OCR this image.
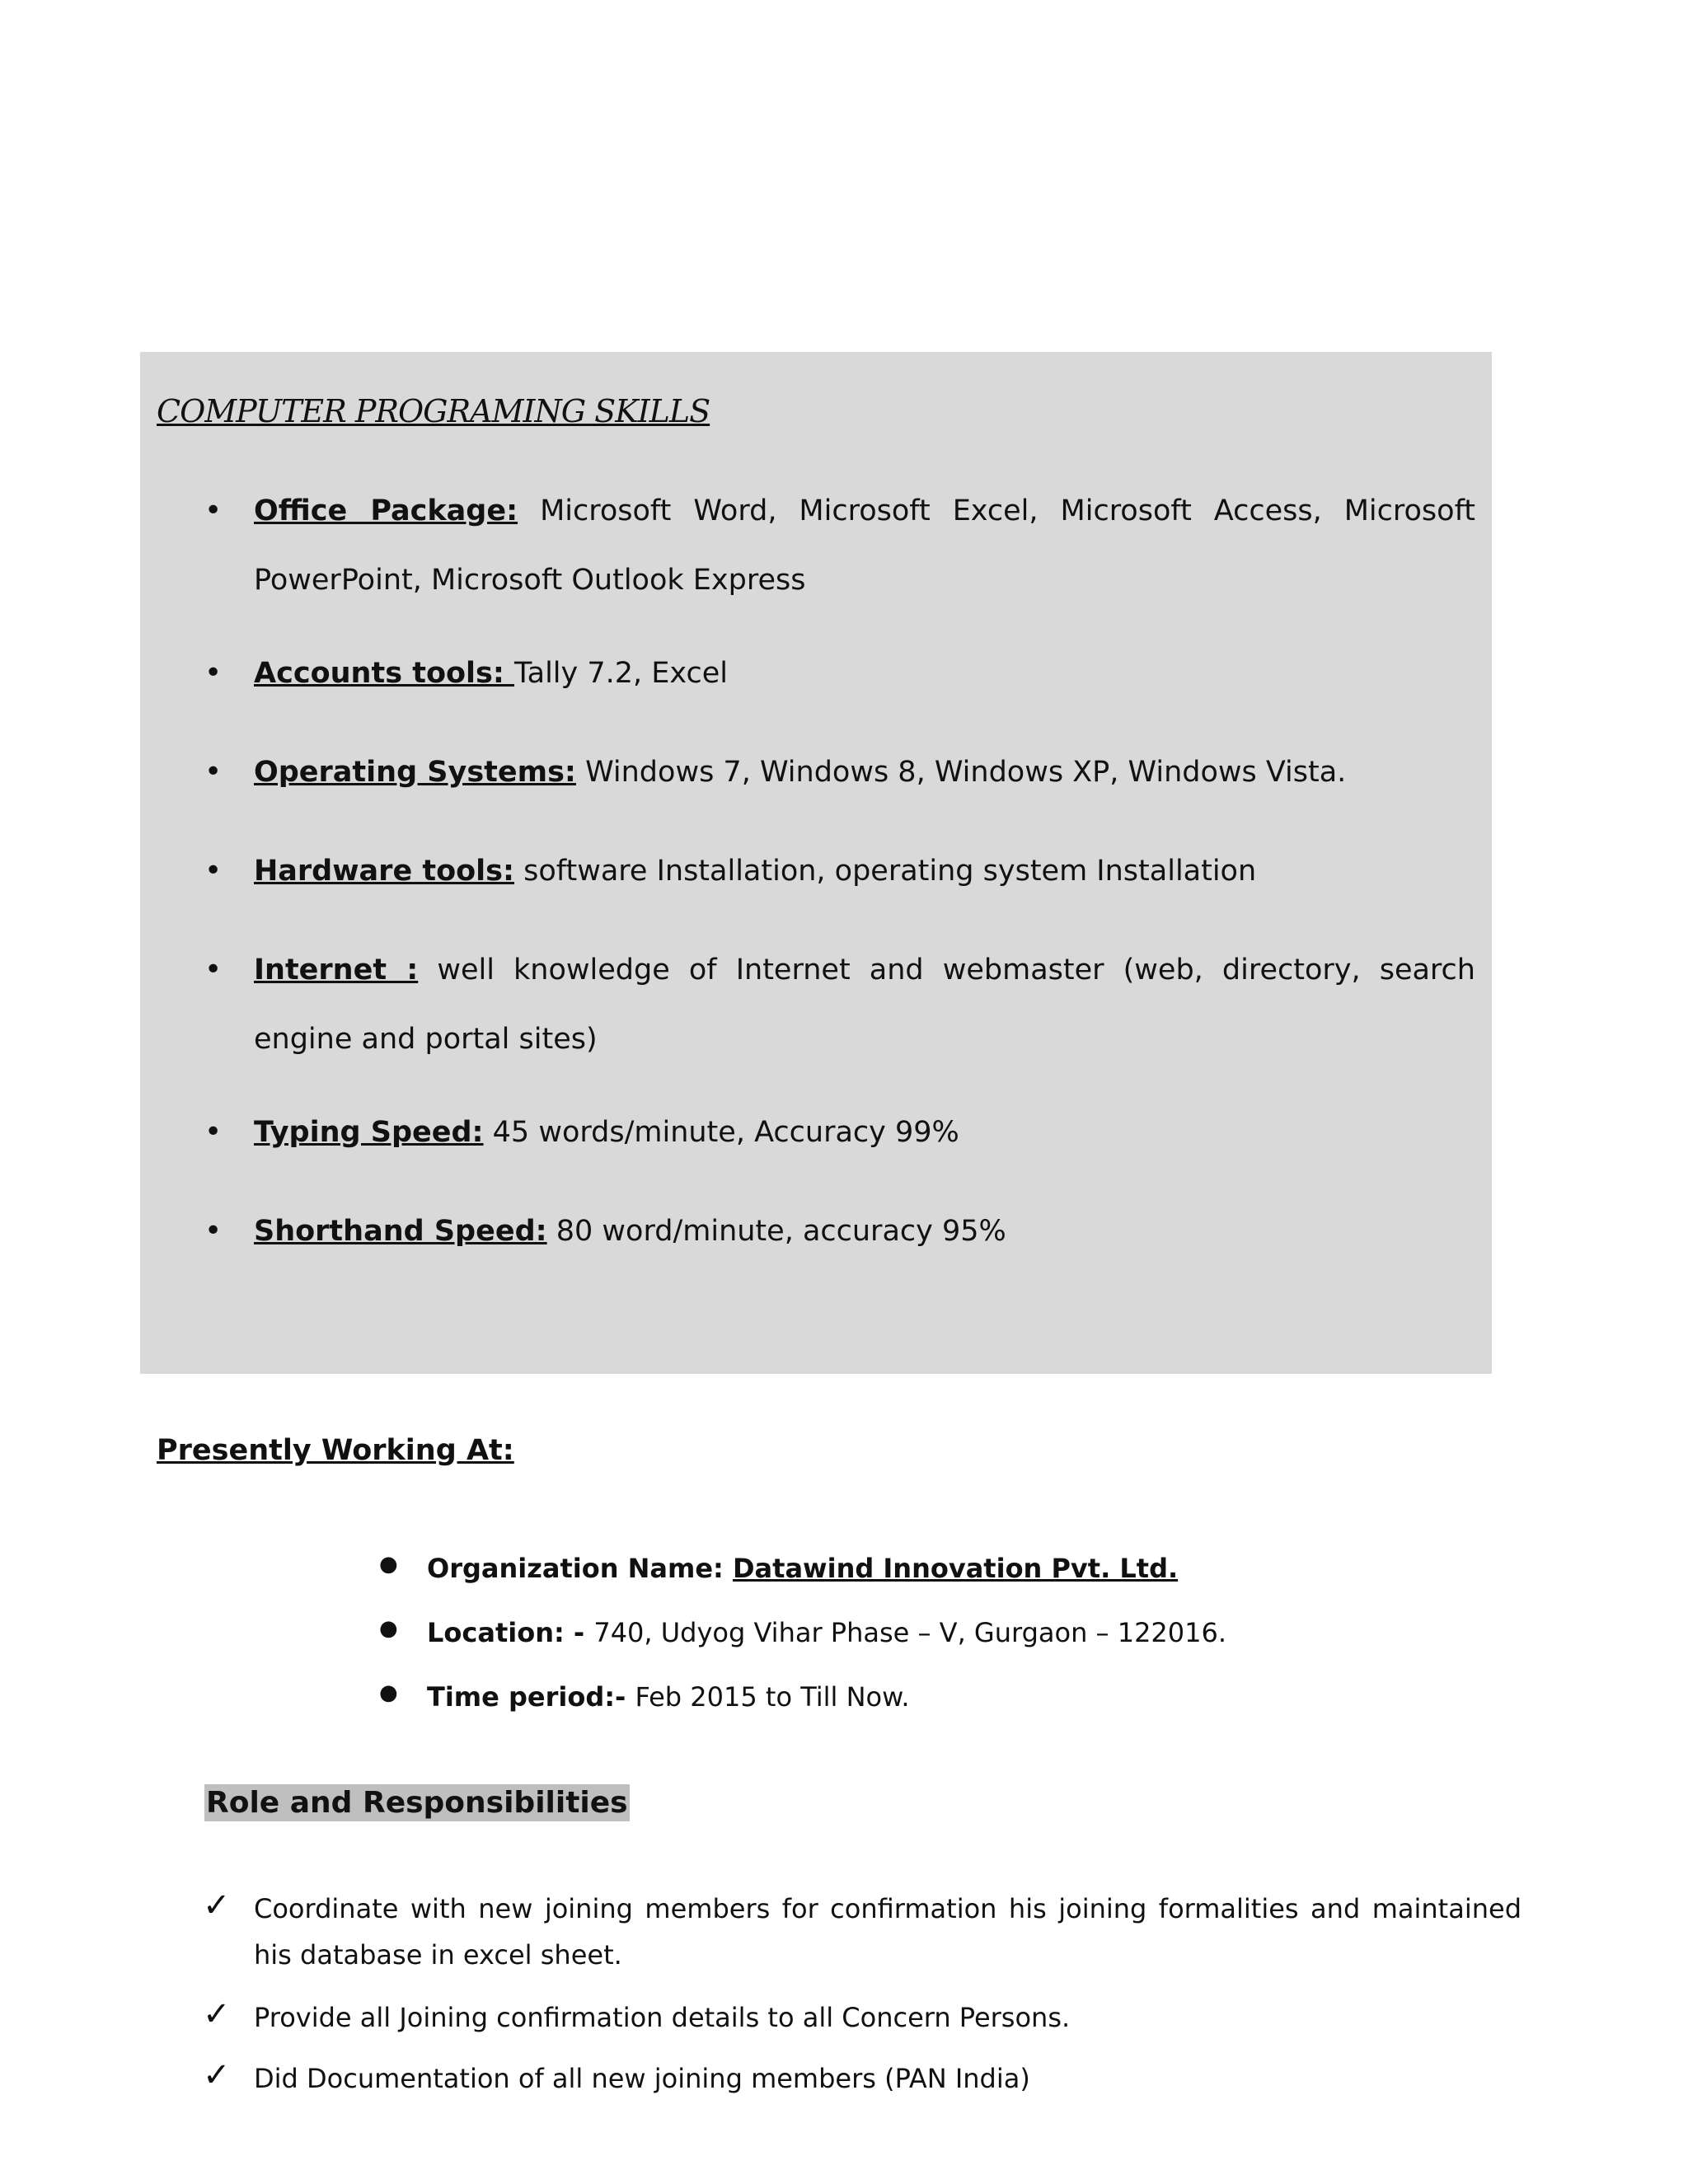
COMPUTER PROGRAMING SKILLS
• Office Package: Microsoft Word, Microsoft Excel, Microsoft Access, Microsoft PowerPoint, Microsoft Outlook Express
• Accounts tools: Tally 7.2, Excel
• Operating Systems: Windows 7, Windows 8, Windows XP, Windows Vista.
• Hardware tools: software Installation, operating system Installation
• Internet : well knowledge of Internet and webmaster (web, directory, search engine and portal sites)
• Typing Speed: 45 words/minute, Accuracy 99%
• Shorthand Speed: 80 word/minute, accuracy 95%
Presently Working At:
● Organization Name: Datawind Innovation Pvt. Ltd.
● Location: - 740, Udyog Vihar Phase – V, Gurgaon – 122016.
● Time period:- Feb 2015 to Till Now.
Role and Responsibilities
✓ Coordinate with new joining members for confirmation his joining formalities and maintained his database in excel sheet.
✓ Provide all Joining confirmation details to all Concern Persons.
✓ Did Documentation of all new joining members (PAN India)
